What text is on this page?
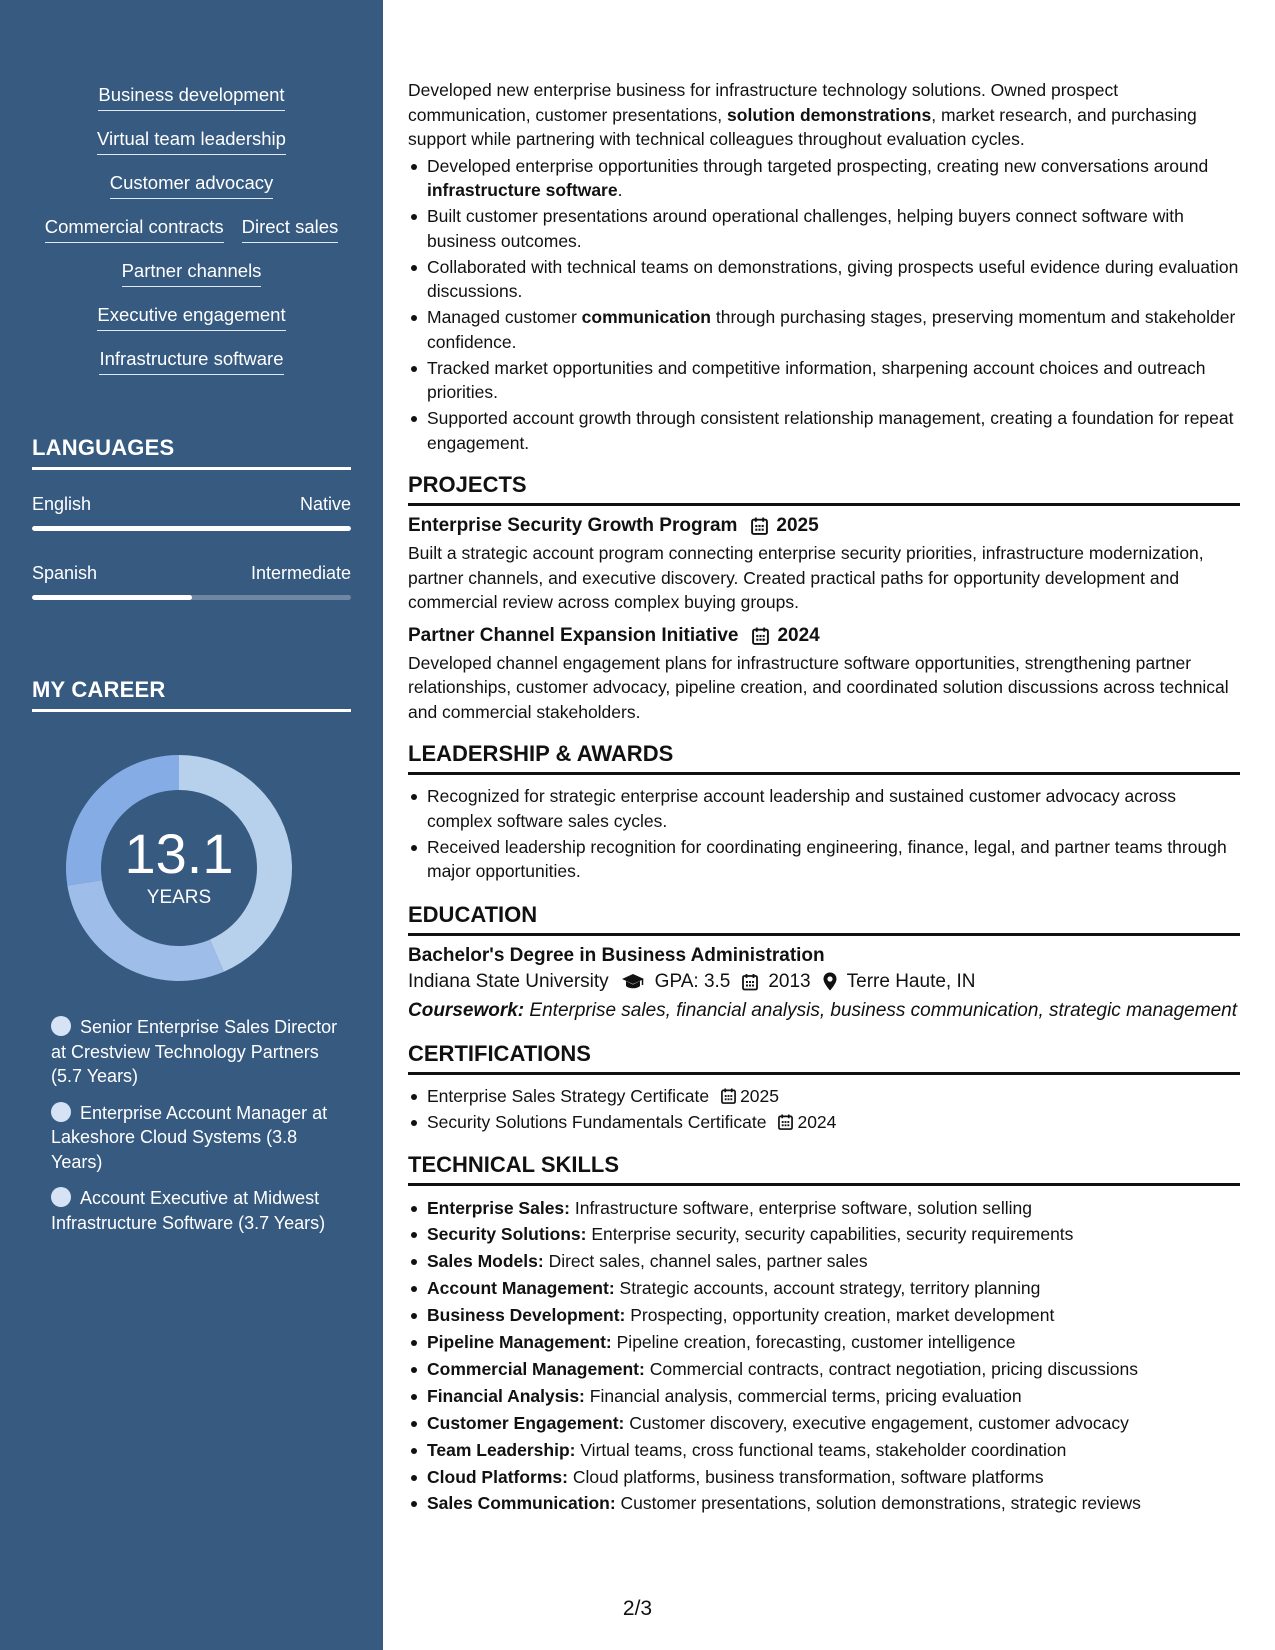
Business development
Virtual team leadership
Customer advocacy
Commercial contracts Direct sales
Partner channels
Executive engagement
Infrastructure software
LANGUAGES
English	Native
Spanish	Intermediate
MY CAREER
13.1
YEARS
Senior Enterprise Sales Director at Crestview Technology Partners (5.7 Years)
Enterprise Account Manager at Lakeshore Cloud Systems (3.8 Years)
Account Executive at Midwest Infrastructure Software (3.7 Years)
Developed new enterprise business for infrastructure technology solutions. Owned prospect communication, customer presentations, solution demonstrations, market research, and purchasing support while partnering with technical colleagues throughout evaluation cycles.
Developed enterprise opportunities through targeted prospecting, creating new conversations around infrastructure software.
Built customer presentations around operational challenges, helping buyers connect software with business outcomes.
Collaborated with technical teams on demonstrations, giving prospects useful evidence during evaluation discussions.
Managed customer communication through purchasing stages, preserving momentum and stakeholder confidence.
Tracked market opportunities and competitive information, sharpening account choices and outreach priorities.
Supported account growth through consistent relationship management, creating a foundation for repeat engagement.
PROJECTS
Enterprise Security Growth Program 2025
Built a strategic account program connecting enterprise security priorities, infrastructure modernization, partner channels, and executive discovery. Created practical paths for opportunity development and commercial review across complex buying groups.
Partner Channel Expansion Initiative 2024
Developed channel engagement plans for infrastructure software opportunities, strengthening partner relationships, customer advocacy, pipeline creation, and coordinated solution discussions across technical and commercial stakeholders.
LEADERSHIP & AWARDS
Recognized for strategic enterprise account leadership and sustained customer advocacy across complex software sales cycles.
Received leadership recognition for coordinating engineering, finance, legal, and partner teams through major opportunities.
EDUCATION
Bachelor's Degree in Business Administration
Indiana State University GPA: 3.5 2013 Terre Haute, IN
Coursework: Enterprise sales, financial analysis, business communication, strategic management
CERTIFICATIONS
Enterprise Sales Strategy Certificate 2025
Security Solutions Fundamentals Certificate 2024
TECHNICAL SKILLS
Enterprise Sales: Infrastructure software, enterprise software, solution selling
Security Solutions: Enterprise security, security capabilities, security requirements
Sales Models: Direct sales, channel sales, partner sales
Account Management: Strategic accounts, account strategy, territory planning
Business Development: Prospecting, opportunity creation, market development
Pipeline Management: Pipeline creation, forecasting, customer intelligence
Commercial Management: Commercial contracts, contract negotiation, pricing discussions
Financial Analysis: Financial analysis, commercial terms, pricing evaluation
Customer Engagement: Customer discovery, executive engagement, customer advocacy
Team Leadership: Virtual teams, cross functional teams, stakeholder coordination
Cloud Platforms: Cloud platforms, business transformation, software platforms
Sales Communication: Customer presentations, solution demonstrations, strategic reviews
2/3
